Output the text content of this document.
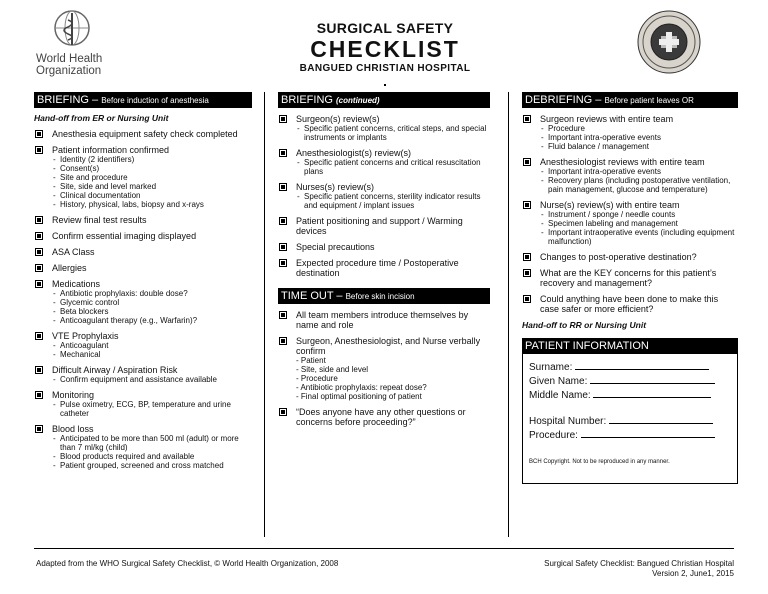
World Health
Organization
SURGICAL SAFETY
CHECKLIST
BANGUED CHRISTIAN HOSPITAL
BRIEFING – Before induction of anesthesia
Hand-off from ER or Nursing Unit
Anesthesia equipment safety check completed
Patient information confirmed
- Identity (2 identifiers)
- Consent(s)
- Site and procedure
- Site, side and level marked
- Clinical documentation
- History, physical, labs, biopsy and x-rays
Review final test results
Confirm essential imaging displayed
ASA Class
Allergies
Medications
- Antibiotic prophylaxis: double dose?
- Glycemic control
- Beta blockers
- Anticoagulant therapy (e.g., Warfarin)?
VTE Prophylaxis
- Anticoagulant
- Mechanical
Difficult Airway / Aspiration Risk
- Confirm equipment and assistance available
Monitoring
- Pulse oximetry, ECG, BP, temperature and urine catheter
Blood loss
- Anticipated to be more than 500 ml (adult) or more than 7 ml/kg (child)
- Blood products required and available
- Patient grouped, screened and cross matched
BRIEFING (continued)
Surgeon(s) review(s)
- Specific patient concerns, critical steps, and special instruments or implants
Anesthesiologist(s) review(s)
- Specific patient concerns and critical resuscitation plans
Nurses(s) review(s)
- Specific patient concerns, sterility indicator results and equipment / implant issues
Patient positioning and support / Warming devices
Special precautions
Expected procedure time / Postoperative destination
TIME OUT – Before skin incision
All team members introduce themselves by name and role
Surgeon, Anesthesiologist, and Nurse verbally confirm
- Patient
- Site, side and level
- Procedure
- Antibiotic prophylaxis: repeat dose?
- Final optimal positioning of patient
“Does anyone have any other questions or concerns before proceeding?”
DEBRIEFING – Before patient leaves OR
Surgeon reviews with entire team
- Procedure
- Important intra-operative events
- Fluid balance / management
Anesthesiologist reviews with entire team
- Important intra-operative events
- Recovery plans (including postoperative ventilation, pain management, glucose and temperature)
Nurse(s) review(s) with entire team
- Instrument / sponge / needle counts
- Specimen labeling and management
- Important intraoperative events (including equipment malfunction)
Changes to post-operative destination?
What are the KEY concerns for this patient’s recovery and management?
Could anything have been done to make this case safer or more efficient?
Hand-off to RR or Nursing Unit
PATIENT INFORMATION
Surname:
Given Name:
Middle Name:
Hospital Number:
Procedure:
BCH Copyright. Not to be reproduced in any manner.
Adapted from the WHO Surgical Safety Checklist, © World Health Organization, 2008	Surgical Safety Checklist: Bangued Christian Hospital
Version 2, June1, 2015
